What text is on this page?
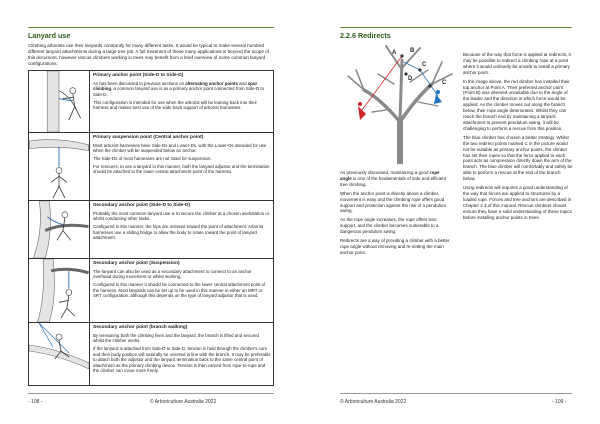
Lanyard use

Climbing arborists use their lanyards constantly for many different tasks. It would be typical to make several hundred different lanyard attachments during a large tree job. A full treatment of these many applications is beyond the scope of this document, however rescue climbers working in trees may benefit from a brief overview of some common lanyard configurations:

Primary anchor point (Side-D to Side-D)

As has been discussed in previous sections on alternating anchor points and spur climbing, a common lanyard use is as a primary anchor point connected from Side-D to Side-D.

This configuration is intended for use when the arborist will be leaning back into their harness and makes best use of the wide back support of arborist harnesses.

Primary suspension point (Central anchor point)

Most arborist harnesses have Side-Ds and Lower-Ds, with the Lower-Ds intended for use when the climber will be suspended below an anchor.

The Side-Ds of most harnesses are not rated for suspension.

For rescuers, to use a lanyard in this manner, both the lanyard adjustor and the termination should be attached to the lower central attachment point of the harness.

Secondary anchor point (Side-D to Side-D)

Probably the most common lanyard use is to secure the climber at a chosen workstation or whilst conducting other tasks.

Configured in this manner, the hips are oriented toward the point of attachment. Arborist harnesses use a sliding bridge to allow the body to rotate toward the point of lanyard attachment.

Secondary anchor point (Suspension)

The lanyard can also be used as a secondary attachment to connect to an anchor overhead during movement or whilst working.

Configured in this manner it should be connected to the lower central attachment point of the harness. Most lanyards can be set up to be used in this manner in either an MRT or SRT configuration, although this depends on the type of lanyard adjustor that is used.

Secondary anchor point (branch walking)

By tensioning both the climbing lines and the lanyard, the branch is lifted and secured whilst the climber works.

If the lanyard is attached from Side-D to Side-D, tension is held through the climber's core and their body position will naturally be oriented in line with the branch. It may be preferable to attach both the adjustor and the lanyard termination back to the same central point of attachment as the primary climbing device. Tension is then carried from rope-to-rope and the climber can move more freely.

- 108 -	© Arboriculture Australia 2022
2.2.6 Redirects
A B
C
C
D

As previously discussed, maintaining a good rope angle is one of the fundamentals of safe and efficient tree climbing.

When the anchor point is directly above a climber, movement is easy and the climbing rope offers good support and protection against the risk of a pendulum swing.

As the rope angle increases, the rope offers less support, and the climber becomes vulnerable to a dangerous pendulum swing.

Redirects are a way of providing a climber with a better rope angle without removing and re-setting the main anchor point.

Because of the way that force is applied at redirects, it may be possible to redirect a climbing rope at a point where it would ordinarily be unsafe to install a primary anchor point.

In the image above, the red climber has installed their top anchor at Point A. Their preferred anchor point (Point B) was deemed unsuitable due to the angle of the leader and the direction in which force would be applied. As the climber moves out along the branch below, their rope angle deteriorates. Whilst they can reach the branch end by maintaining a lanyard attachment to prevent pendulum swing, it will be challenging to perform a rescue from this position.

The blue climber has chosen a better strategy. Whilst the two redirect points marked C in the picture would not be suitable as primary anchor points, the climber has set their ropes so that the force applied to each point acts as compression directly down the arm of the branch. The blue climber will comfortably and safely be able to perform a rescue at the end of the branch below.

Using redirects will requires a good understanding of the way that forces are applied to structures by a loaded rope. Forces and tree anchors are described in Chapter 2.3 of this manual. Rescue climbers should ensure they have a solid understanding of these topics before installing anchor points in trees.

© Arboriculture Australia 2022	- 109 -
